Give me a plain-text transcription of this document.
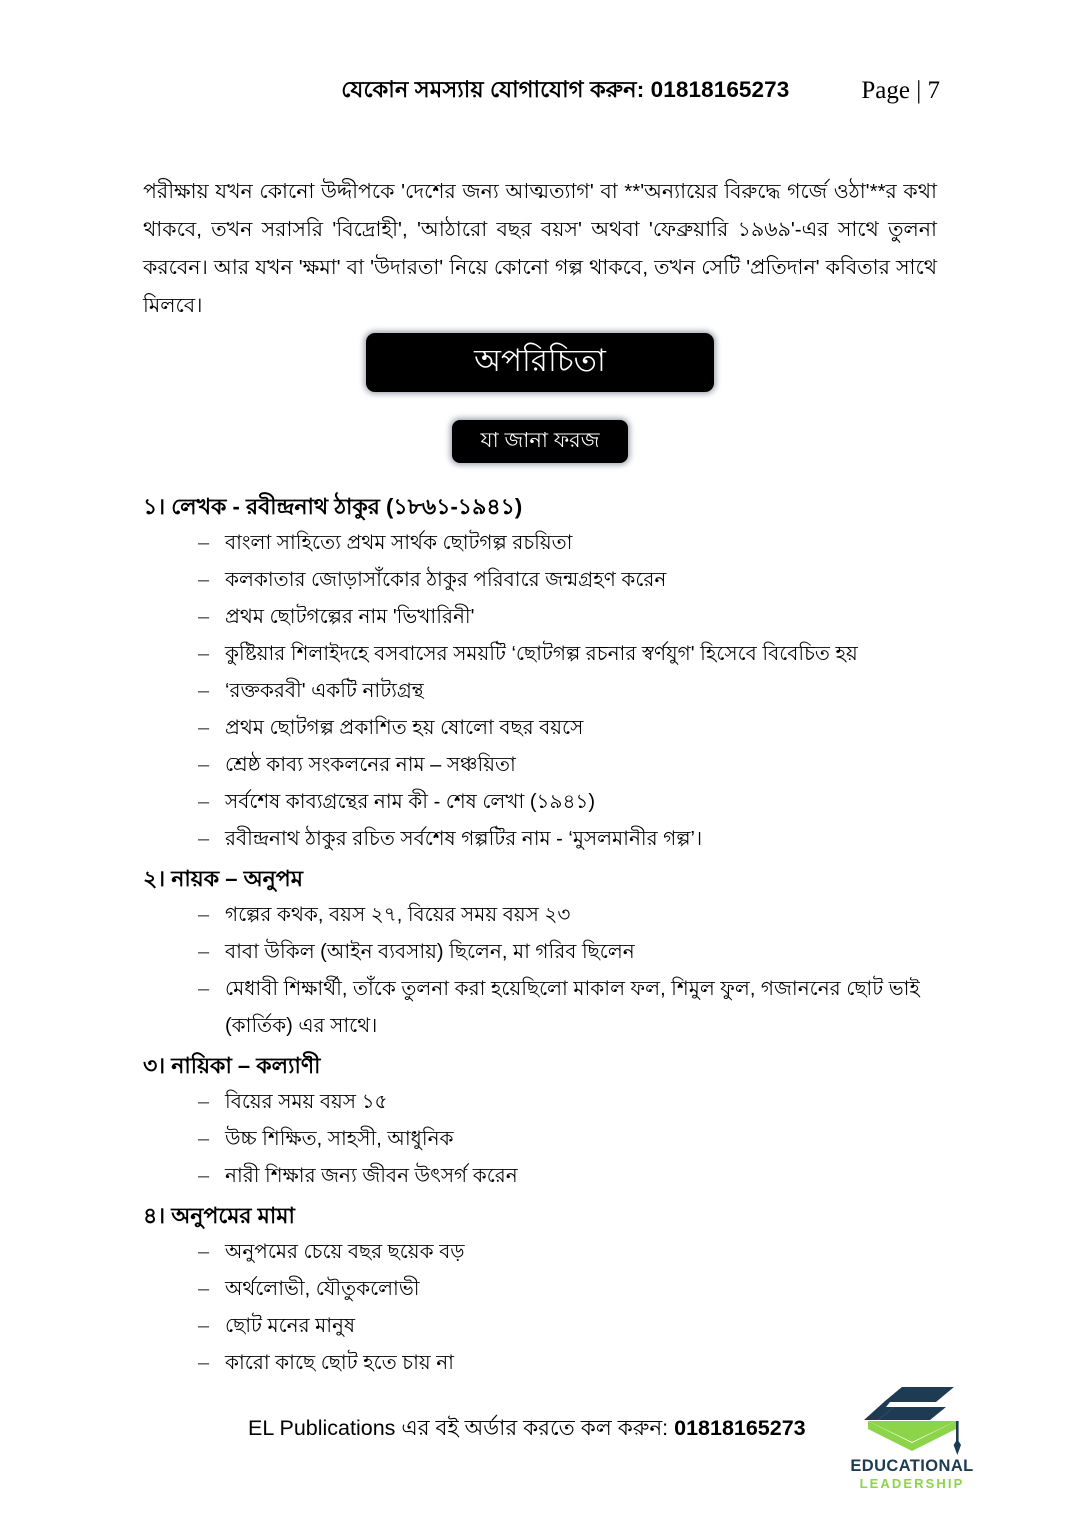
যেকোন সমস্যায় যোগাযোগ করুন: 01818165273	Page | 7

পরীক্ষায় যখন কোনো উদ্দীপকে 'দেশের জন্য আত্মত্যাগ' বা **'অন্যায়ের বিরুদ্ধে গর্জে ওঠা'**র কথা থাকবে, তখন সরাসরি 'বিদ্রোহী', 'আঠারো বছর বয়স' অথবা 'ফেব্রুয়ারি ১৯৬৯'-এর সাথে তুলনা করবেন। আর যখন 'ক্ষমা' বা 'উদারতা' নিয়ে কোনো গল্প থাকবে, তখন সেটি 'প্রতিদান' কবিতার সাথে মিলবে।

অপরিচিতা
যা জানা ফরজ
১। লেখক - রবীন্দ্রনাথ ঠাকুর (১৮৬১-১৯৪১)
– বাংলা সাহিত্যে প্রথম সার্থক ছোটগল্প রচয়িতা
– কলকাতার জোড়াসাঁকোর ঠাকুর পরিবারে জন্মগ্রহণ করেন
– প্রথম ছোটগল্পের নাম 'ভিখারিনী'
– কুষ্টিয়ার শিলাইদহে বসবাসের সময়টি ‘ছোটগল্প রচনার স্বর্ণযুগ' হিসেবে বিবেচিত হয়
– ‘রক্তকরবী' একটি নাট্যগ্রন্থ
– প্রথম ছোটগল্প প্রকাশিত হয় ষোলো বছর বয়সে
– শ্রেষ্ঠ কাব্য সংকলনের নাম – সঞ্চয়িতা
– সর্বশেষ কাব্যগ্রন্থের নাম কী - শেষ লেখা (১৯৪১)
– রবীন্দ্রনাথ ঠাকুর রচিত সর্বশেষ গল্পটির নাম - ‘মুসলমানীর গল্প’।
২। নায়ক – অনুপম
– গল্পের কথক, বয়স ২৭, বিয়ের সময় বয়স ২৩
– বাবা উকিল (আইন ব্যবসায়) ছিলেন, মা গরিব ছিলেন
– মেধাবী শিক্ষার্থী, তাঁকে তুলনা করা হয়েছিলো মাকাল ফল, শিমুল ফুল, গজাননের ছোট ভাই (কার্তিক) এর সাথে।
৩। নায়িকা – কল্যাণী
– বিয়ের সময় বয়স ১৫
– উচ্চ শিক্ষিত, সাহসী, আধুনিক
– নারী শিক্ষার জন্য জীবন উৎসর্গ করেন
৪। অনুপমের মামা
– অনুপমের চেয়ে বছর ছয়েক বড়
– অর্থলোভী, যৌতুকলোভী
– ছোট মনের মানুষ
– কারো কাছে ছোট হতে চায় না
EL Publications এর বই অর্ডার করতে কল করুন: 01818165273
EDUCATIONAL
LEADERSHIP
